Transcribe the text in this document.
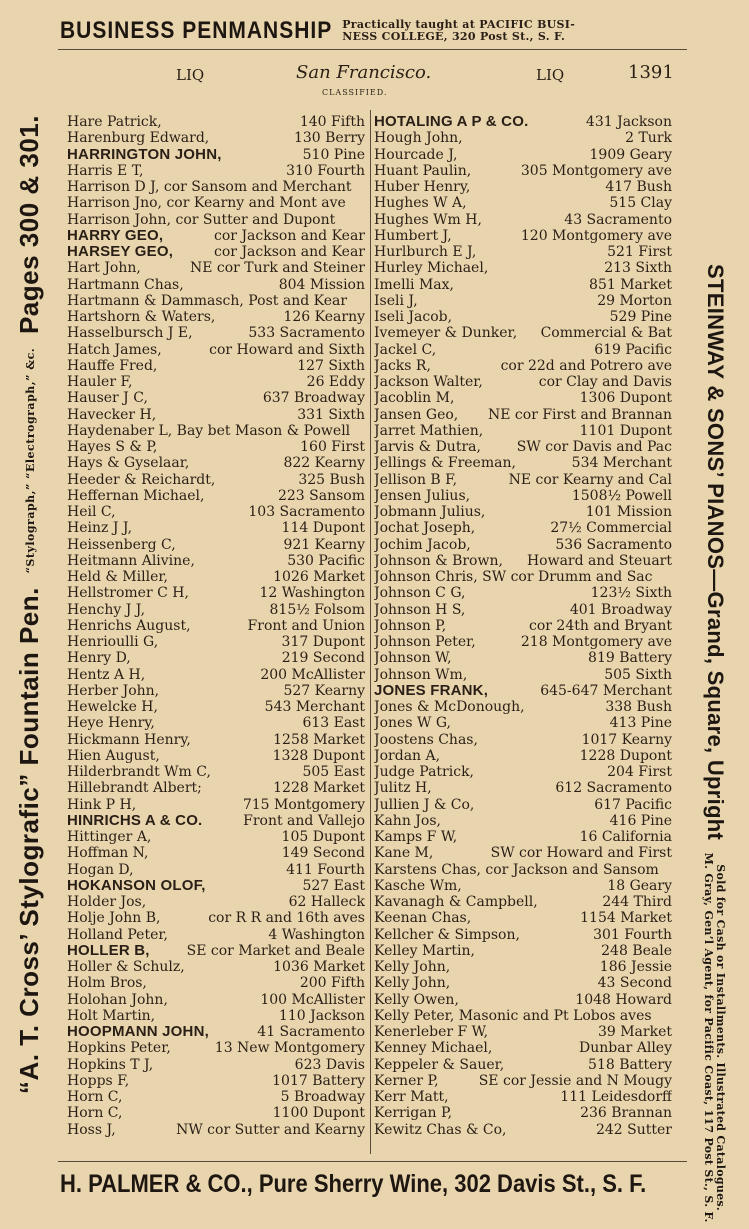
BUSINESS PENMANSHIP Practically taught at PACIFIC BUSI-
NESS COLLEGE, 320 Post St., S. F.
“A. T. Cross’ Stylografic” Fountain Pen. “Stylograph,” “Electrograph,” &c. Pages 300 & 301.
STEINWAY & SONS’ PIANOS—Grand, Square, Upright Sold for Cash or Installments. Illustrated Catalogues.
M. Gray, Gen’l Agent, for Pacific Coast, 117 Post St., S. F.
LIQ	San Francisco.
CLASSIFIED.
LIQ	1391
Hare Patrick,	140 Fifth
Harenburg Edward,	130 Berry
HARRINGTON JOHN,	510 Pine
Harris E T,	310 Fourth
Harrison D J, cor Sansom and Merchant
Harrison Jno, cor Kearny and Mont ave
Harrison John, cor Sutter and Dupont
HARRY GEO,	cor Jackson and Kear
HARSEY GEO,	cor Jackson and Kear
Hart John,	NE cor Turk and Steiner
Hartmann Chas,	804 Mission
Hartmann & Dammasch, Post and Kear
Hartshorn & Waters,	126 Kearny
Hasselbursch J E,	533 Sacramento
Hatch James,	cor Howard and Sixth
Hauffe Fred,	127 Sixth
Hauler F,	26 Eddy
Hauser J C,	637 Broadway
Havecker H,	331 Sixth
Haydenaber L, Bay bet Mason & Powell
Hayes S & P,	160 First
Hays & Gyselaar,	822 Kearny
Heeder & Reichardt,	325 Bush
Heffernan Michael,	223 Sansom
Heil C,	103 Sacramento
Heinz J J,	114 Dupont
Heissenberg C,	921 Kearny
Heitmann Alivine,	530 Pacific
Held & Miller,	1026 Market
Hellstromer C H,	12 Washington
Henchy J J,	815½ Folsom
Henrichs August,	Front and Union
Henrioulli G,	317 Dupont
Henry D,	219 Second
Hentz A H,	200 McAllister
Herber John,	527 Kearny
Hewelcke H,	543 Merchant
Heye Henry,	613 East
Hickmann Henry,	1258 Market
Hien August,	1328 Dupont
Hilderbrandt Wm C,	505 East
Hillebrandt Albert;	1228 Market
Hink P H,	715 Montgomery
HINRICHS A & CO.	Front and Vallejo
Hittinger A,	105 Dupont
Hoffman N,	149 Second
Hogan D,	411 Fourth
HOKANSON OLOF,	527 East
Holder Jos,	62 Halleck
Holje John B,	cor R R and 16th aves
Holland Peter,	4 Washington
HOLLER B,	SE cor Market and Beale
Holler & Schulz,	1036 Market
Holm Bros,	200 Fifth
Holohan John,	100 McAllister
Holt Martin,	110 Jackson
HOOPMANN JOHN,	41 Sacramento
Hopkins Peter,	13 New Montgomery
Hopkins T J,	623 Davis
Hopps F,	1017 Battery
Horn C,	5 Broadway
Horn C,	1100 Dupont
Hoss J,	NW cor Sutter and Kearny
HOTALING A P & CO.	431 Jackson
Hough John,	2 Turk
Hourcade J,	1909 Geary
Huant Paulin,	305 Montgomery ave
Huber Henry,	417 Bush
Hughes W A,	515 Clay
Hughes Wm H,	43 Sacramento
Humbert J,	120 Montgomery ave
Hurlburch E J,	521 First
Hurley Michael,	213 Sixth
Imelli Max,	851 Market
Iseli J,	29 Morton
Iseli Jacob,	529 Pine
Ivemeyer & Dunker, Commercial & Bat
Jackel C,	619 Pacific
Jacks R,	cor 22d and Potrero ave
Jackson Walter,	cor Clay and Davis
Jacoblin M,	1306 Dupont
Jansen Geo, NE cor First and Brannan
Jarret Mathien,	1101 Dupont
Jarvis & Dutra,	SW cor Davis and Pac
Jellings & Freeman,	534 Merchant
Jellison B F,	NE cor Kearny and Cal
Jensen Julius,	1508½ Powell
Jobmann Julius,	101 Mission
Jochat Joseph,	27½ Commercial
Jochim Jacob,	536 Sacramento
Johnson & Brown, Howard and Steuart
Johnson Chris, SW cor Drumm and Sac
Johnson C G,	123½ Sixth
Johnson H S,	401 Broadway
Johnson P,	cor 24th and Bryant
Johnson Peter,	218 Montgomery ave
Johnson W,	819 Battery
Johnson Wm,	505 Sixth
JONES FRANK,	645-647 Merchant
Jones & McDonough,	338 Bush
Jones W G,	413 Pine
Joostens Chas,	1017 Kearny
Jordan A,	1228 Dupont
Judge Patrick,	204 First
Julitz H,	612 Sacramento
Jullien J & Co,	617 Pacific
Kahn Jos,	416 Pine
Kamps F W,	16 California
Kane M,	SW cor Howard and First
Karstens Chas, cor Jackson and Sansom
Kasche Wm,	18 Geary
Kavanagh & Campbell,	244 Third
Keenan Chas,	1154 Market
Kellcher & Simpson,	301 Fourth
Kelley Martin,	248 Beale
Kelly John,	186 Jessie
Kelly John,	43 Second
Kelly Owen,	1048 Howard
Kelly Peter, Masonic and Pt Lobos aves
Kenerleber F W,	39 Market
Kenney Michael,	Dunbar Alley
Keppeler & Sauer,	518 Battery
Kerner P,	SE cor Jessie and N Mougy
Kerr Matt,	111 Leidesdorff
Kerrigan P,	236 Brannan
Kewitz Chas & Co,	242 Sutter
H. PALMER & CO., Pure Sherry Wine, 302 Davis St., S. F.
